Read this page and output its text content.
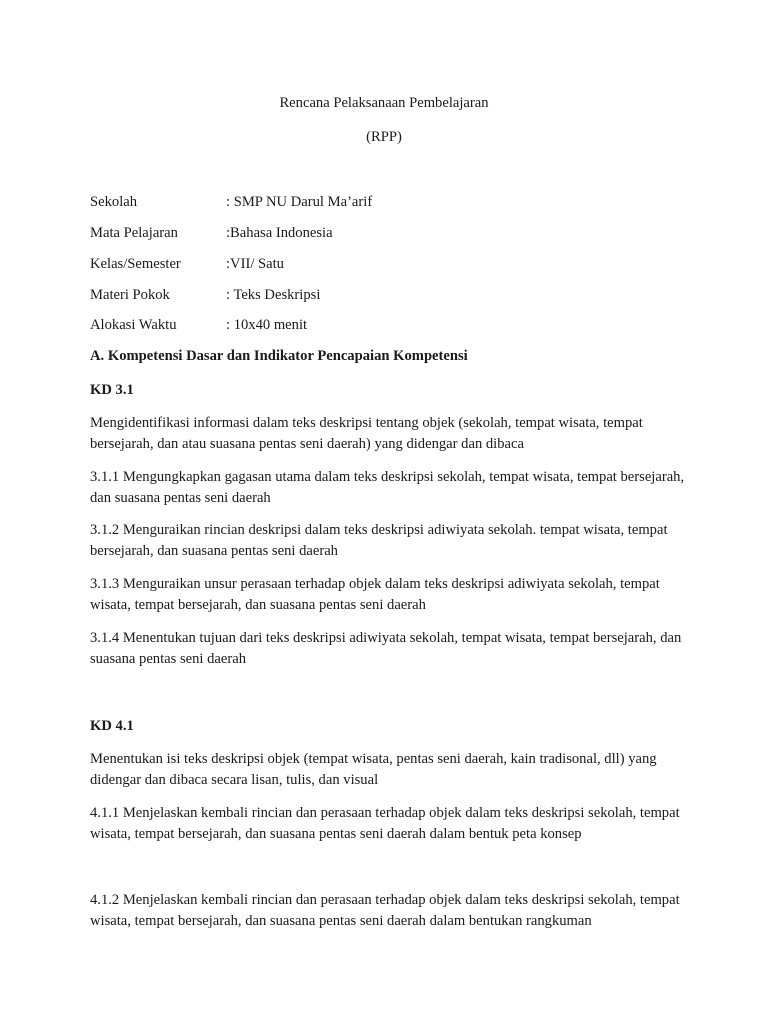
Rencana Pelaksanaan Pembelajaran
(RPP)
Sekolah	: SMP NU Darul Ma’arif
Mata Pelajaran	:Bahasa Indonesia
Kelas/Semester	:VII/ Satu
Materi Pokok	: Teks Deskripsi
Alokasi Waktu	: 10x40 menit
A. Kompetensi Dasar dan Indikator Pencapaian Kompetensi
KD 3.1
Mengidentifikasi informasi dalam teks deskripsi tentang objek (sekolah, tempat wisata, tempat bersejarah, dan atau suasana pentas seni daerah) yang didengar dan dibaca
3.1.1 Mengungkapkan gagasan utama dalam teks deskripsi sekolah, tempat wisata, tempat bersejarah, dan suasana pentas seni daerah
3.1.2 Menguraikan rincian deskripsi dalam teks deskripsi adiwiyata sekolah. tempat wisata, tempat bersejarah, dan suasana pentas seni daerah
3.1.3 Menguraikan unsur perasaan terhadap objek dalam teks deskripsi adiwiyata sekolah, tempat wisata, tempat bersejarah, dan suasana pentas seni daerah
3.1.4 Menentukan tujuan dari teks deskripsi adiwiyata sekolah, tempat wisata, tempat bersejarah, dan suasana pentas seni daerah
KD 4.1
Menentukan isi teks deskripsi objek (tempat wisata, pentas seni daerah, kain tradisonal, dll) yang didengar dan dibaca secara lisan, tulis, dan visual
4.1.1 Menjelaskan kembali rincian dan perasaan terhadap objek dalam teks deskripsi sekolah, tempat wisata, tempat bersejarah, dan suasana pentas seni daerah dalam bentuk peta konsep
4.1.2 Menjelaskan kembali rincian dan perasaan terhadap objek dalam teks deskripsi sekolah, tempat wisata, tempat bersejarah, dan suasana pentas seni daerah dalam bentukan rangkuman
